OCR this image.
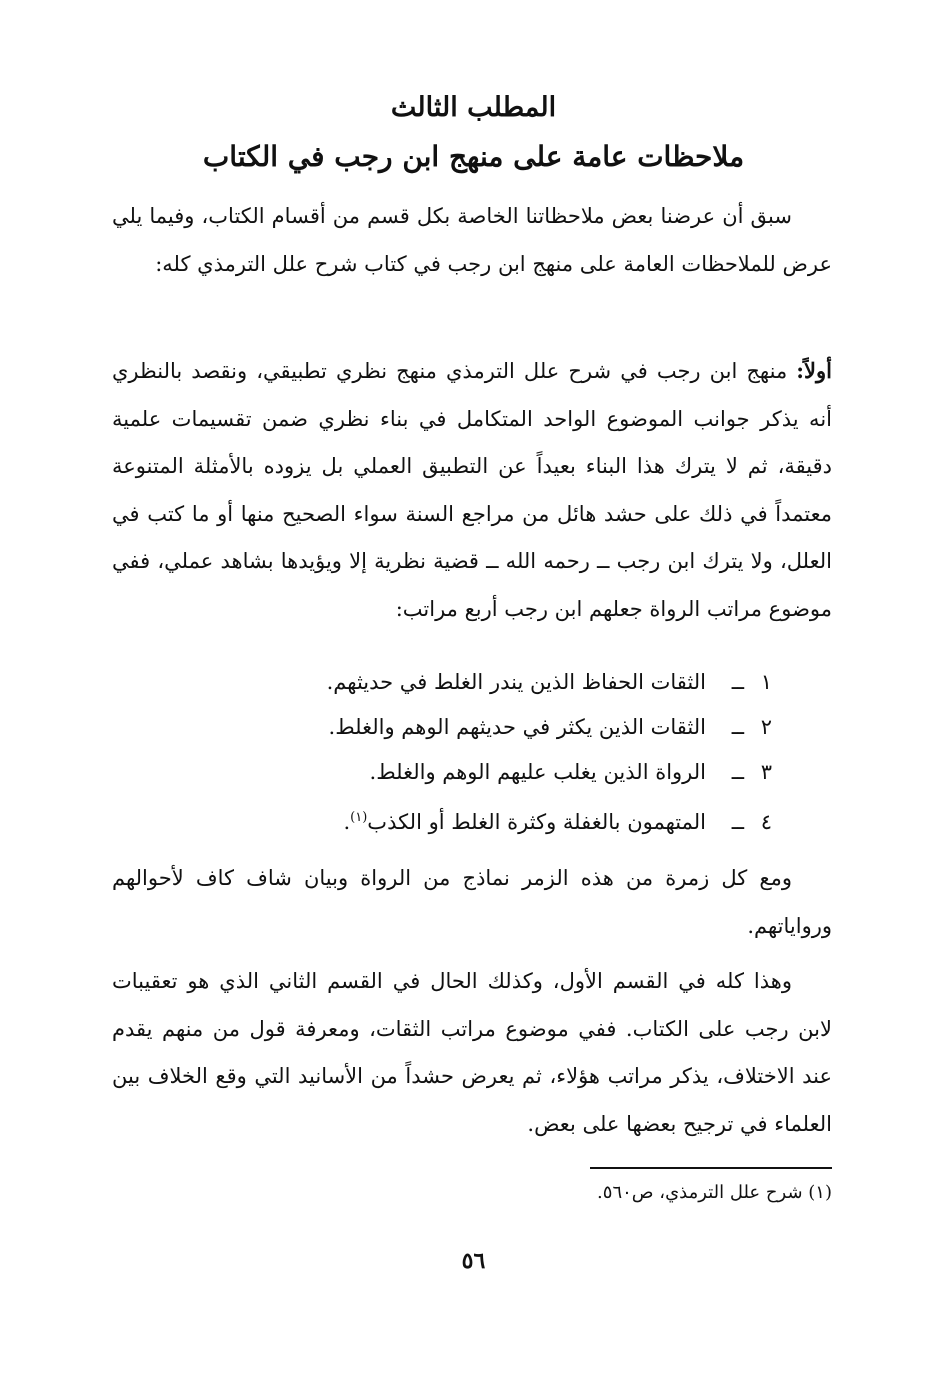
المطلب الثالث
ملاحظات عامة على منهج ابن رجب في الكتاب

سبق أن عرضنا بعض ملاحظاتنا الخاصة بكل قسم من أقسام الكتاب، وفيما يلي عرض للملاحظات العامة على منهج ابن رجب في كتاب شرح علل الترمذي كله:

أولاً: منهج ابن رجب في شرح علل الترمذي منهج نظري تطبيقي، ونقصد بالنظري أنه يذكر جوانب الموضوع الواحد المتكامل في بناء نظري ضمن تقسيمات علمية دقيقة، ثم لا يترك هذا البناء بعيداً عن التطبيق العملي بل يزوده بالأمثلة المتنوعة معتمداً في ذلك على حشد هائل من مراجع السنة سواء الصحيح منها أو ما كتب في العلل، ولا يترك ابن رجب ــ رحمه الله ــ قضية نظرية إلا ويؤيدها بشاهد عملي، ففي موضوع مراتب الرواة جعلهم ابن رجب أربع مراتب:

١ــالثقات الحفاظ الذين يندر الغلط في حديثهم.
٢ــالثقات الذين يكثر في حديثهم الوهم والغلط.
٣ــالرواة الذين يغلب عليهم الوهم والغلط.
٤ــالمتهمون بالغفلة وكثرة الغلط أو الكذب$^{(١)}$.

ومع كل زمرة من هذه الزمر نماذج من الرواة وبيان شاف كاف لأحوالهم ورواياتهم.

وهذا كله في القسم الأول، وكذلك الحال في القسم الثاني الذي هو تعقيبات لابن رجب على الكتاب. ففي موضوع مراتب الثقات، ومعرفة قول من منهم يقدم عند الاختلاف، يذكر مراتب هؤلاء، ثم يعرض حشداً من الأسانيد التي وقع الخلاف بين العلماء في ترجيح بعضها على بعض.

(١) شرح علل الترمذي، ص٥٦٠.
٥٦
